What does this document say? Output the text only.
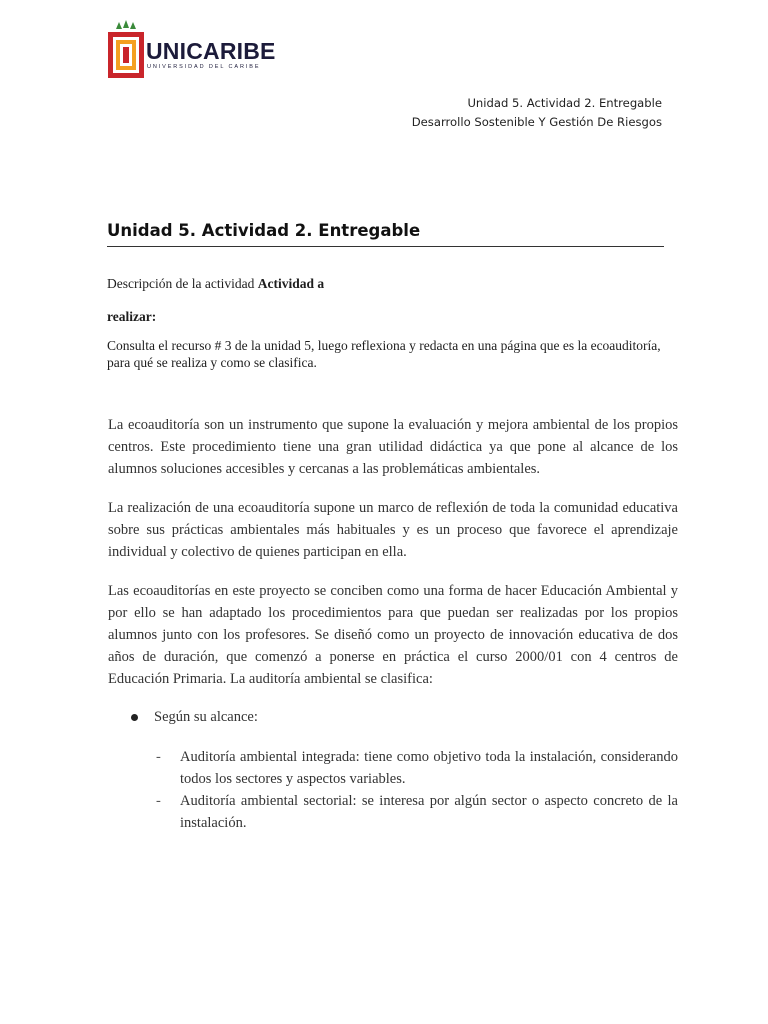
UNICARIBE
UNIVERSIDAD DEL CARIBE
Unidad 5. Actividad 2. Entregable
Desarrollo Sostenible Y Gestión De Riesgos
Unidad 5. Actividad 2. Entregable
Descripción de la actividad Actividad a
realizar:
Consulta el recurso # 3 de la unidad 5, luego reflexiona y redacta en una página que es la ecoauditoría, para qué se realiza y como se clasifica.

La ecoauditoría son un instrumento que supone la evaluación y mejora ambiental de los propios centros. Este procedimiento tiene una gran utilidad didáctica ya que pone al alcance de los alumnos soluciones accesibles y cercanas a las problemáticas ambientales.

La realización de una ecoauditoría supone un marco de reflexión de toda la comunidad educativa sobre sus prácticas ambientales más habituales y es un proceso que favorece el aprendizaje individual y colectivo de quienes participan en ella.

Las ecoauditorías en este proyecto se conciben como una forma de hacer Educación Ambiental y por ello se han adaptado los procedimientos para que puedan ser realizadas por los propios alumnos junto con los profesores. Se diseñó como un proyecto de innovación educativa de dos años de duración, que comenzó a ponerse en práctica el curso 2000/01 con 4 centros de Educación Primaria. La auditoría ambiental se clasifica:

Según su alcance:
-	Auditoría ambiental integrada: tiene como objetivo toda la instalación, considerando todos los sectores y aspectos variables.
-	Auditoría ambiental sectorial: se interesa por algún sector o aspecto concreto de la instalación.
